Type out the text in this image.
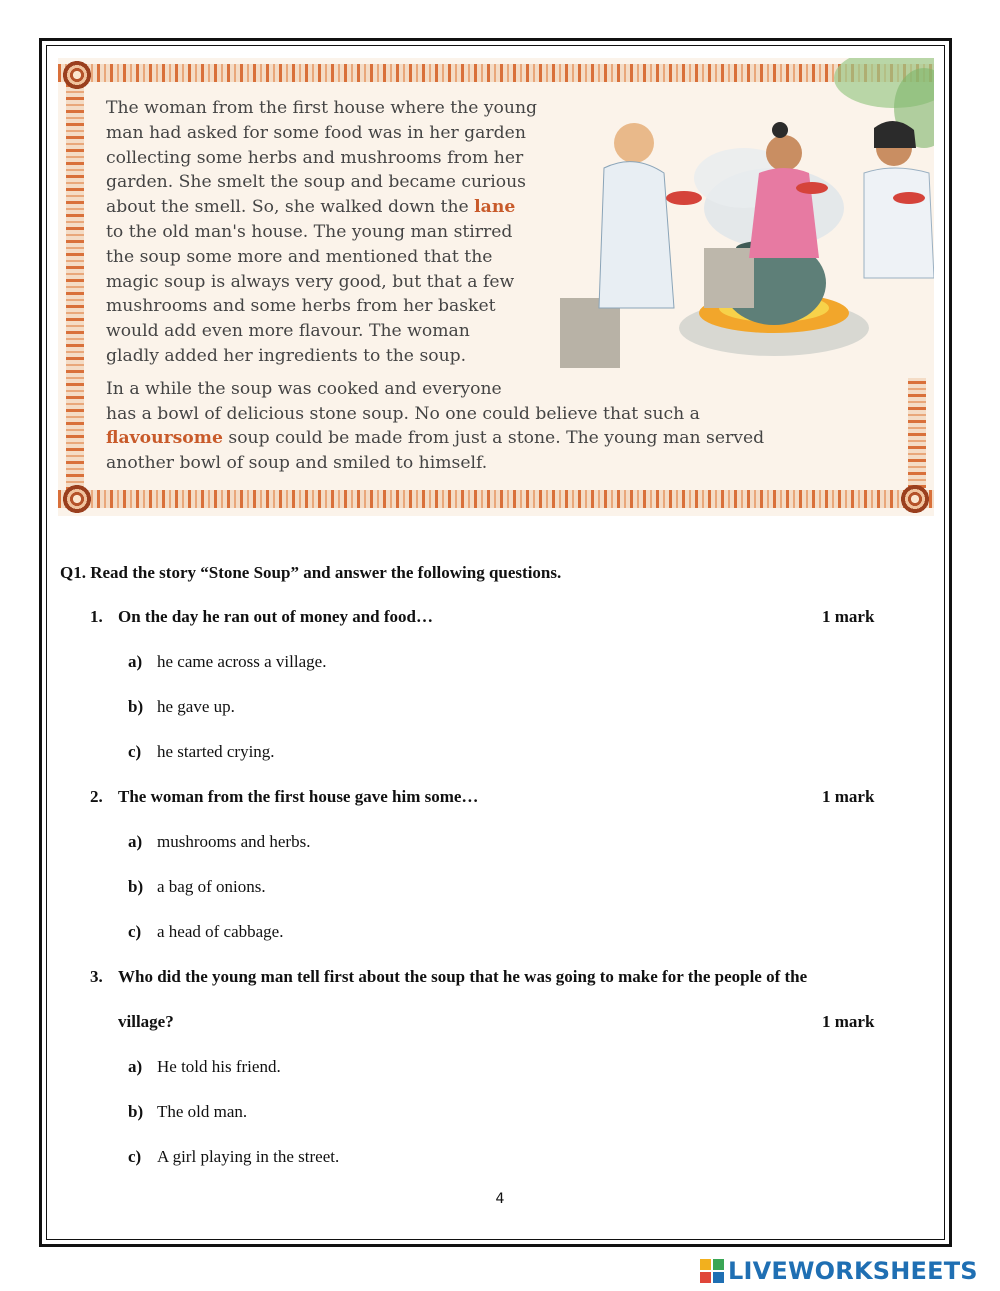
The woman from the first house where the young
man had asked for some food was in her garden
collecting some herbs and mushrooms from her
garden. She smelt the soup and became curious
about the smell. So, she walked down the lane
to the old man's house. The young man stirred
the soup some more and mentioned that the
magic soup is always very good, but that a few
mushrooms and some herbs from her basket
would add even more flavour. The woman
gladly added her ingredients to the soup.

In a while the soup was cooked and everyone
has a bowl of delicious stone soup. No one could believe that such a
flavoursome soup could be made from just a stone. The young man served
another bowl of soup and smiled to himself.

Q1. Read the story “Stone Soup” and answer the following questions.
1. On the day he ran out of money and food…	1 mark
a) he came across a village.
b) he gave up.
c) he started crying.
2. The woman from the first house gave him some…	1 mark
a) mushrooms and herbs.
b) a bag of onions.
c) a head of cabbage.
3. Who did the young man tell first about the soup that he was going to make for the people of the
village?	1 mark
a) He told his friend.
b) The old man.
c) A girl playing in the street.
4
LIVEWORKSHEETS
